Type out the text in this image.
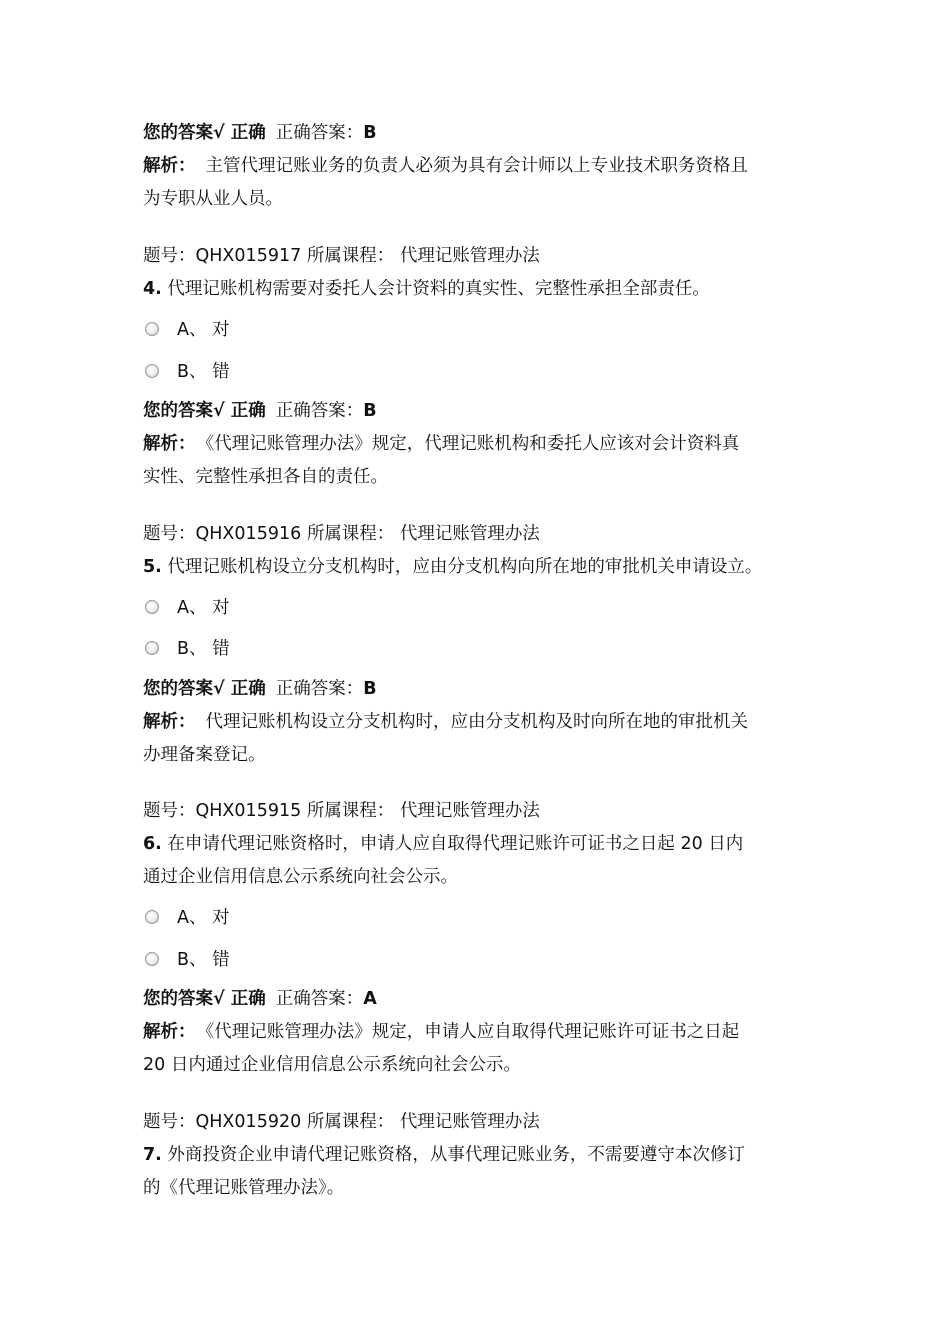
您的答案√ 正确 正确答案：B
解析： 主管代理记账业务的负责人必须为具有会计师以上专业技术职务资格且
为专职从业人员。
题号：QHX015917 所属课程： 代理记账管理办法
4. 代理记账机构需要对委托人会计资料的真实性、完整性承担全部责任。
A、 对
B、 错
您的答案√ 正确 正确答案：B
解析： 《代理记账管理办法》规定，代理记账机构和委托人应该对会计资料真
实性、完整性承担各自的责任。
题号：QHX015916 所属课程： 代理记账管理办法
5. 代理记账机构设立分支机构时，应由分支机构向所在地的审批机关申请设立。
A、 对
B、 错
您的答案√ 正确 正确答案：B
解析： 代理记账机构设立分支机构时，应由分支机构及时向所在地的审批机关
办理备案登记。
题号：QHX015915 所属课程： 代理记账管理办法
6. 在申请代理记账资格时，申请人应自取得代理记账许可证书之日起 20 日内
通过企业信用信息公示系统向社会公示。
A、 对
B、 错
您的答案√ 正确 正确答案：A
解析： 《代理记账管理办法》规定，申请人应自取得代理记账许可证书之日起
20 日内通过企业信用信息公示系统向社会公示。
题号：QHX015920 所属课程： 代理记账管理办法
7. 外商投资企业申请代理记账资格，从事代理记账业务，不需要遵守本次修订
的《代理记账管理办法》。
